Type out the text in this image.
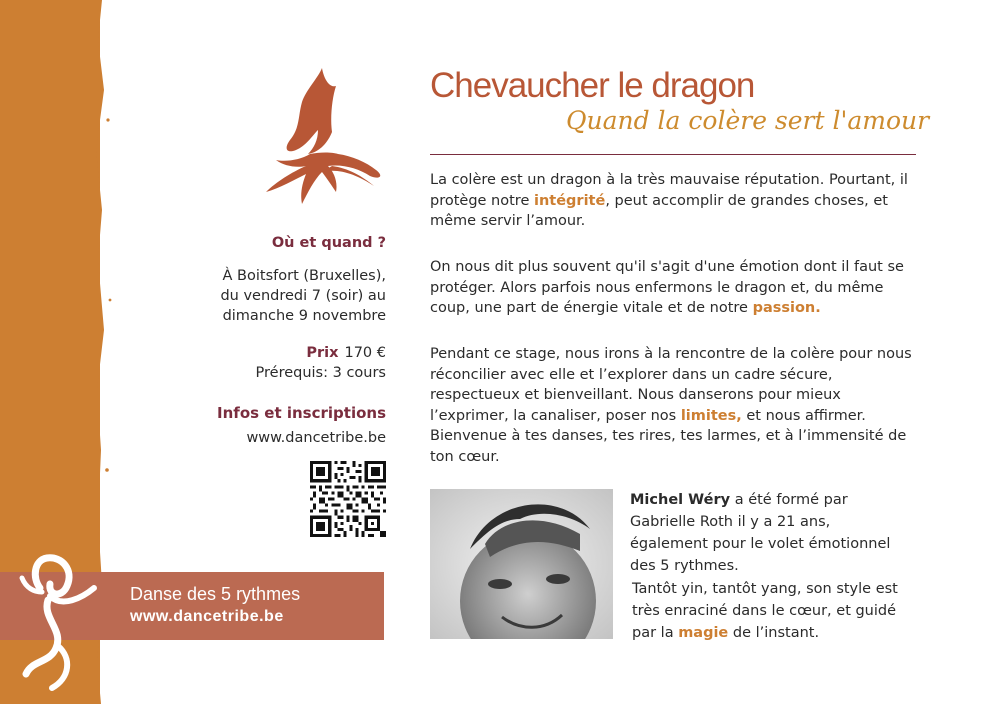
Danse des 5 rythmes
www.dancetribe.be
Où et quand ?
À Boitsfort (Bruxelles),
du vendredi 7 (soir) au
dimanche 9 novembre
Prix 170 €
Prérequis: 3 cours
Infos et inscriptions
www.dancetribe.be
Chevaucher le dragon
Quand la colère sert l'amour
La colère est un dragon à la très mauvaise réputation. Pourtant, il protège notre intégrité, peut accomplir de grandes choses, et même servir l’amour.
On nous dit plus souvent qu'il s'agit d'une émotion dont il faut se protéger. Alors parfois nous enfermons le dragon et, du même coup, une part de énergie vitale et de notre passion.
Pendant ce stage, nous irons à la rencontre de la colère pour nous réconcilier avec elle et l’explorer dans un cadre sécure, respectueux et bienveillant. Nous danserons pour mieux l’exprimer, la canaliser, poser nos limites, et nous affirmer. Bienvenue à tes danses, tes rires, tes larmes, et à l’immensité de ton cœur.
Michel Wéry a été formé par Gabrielle Roth il y a 21 ans, également pour le volet émotionnel des 5 rythmes.
Tantôt yin, tantôt yang, son style est très enraciné dans le cœur, et guidé par la magie de l’instant.
